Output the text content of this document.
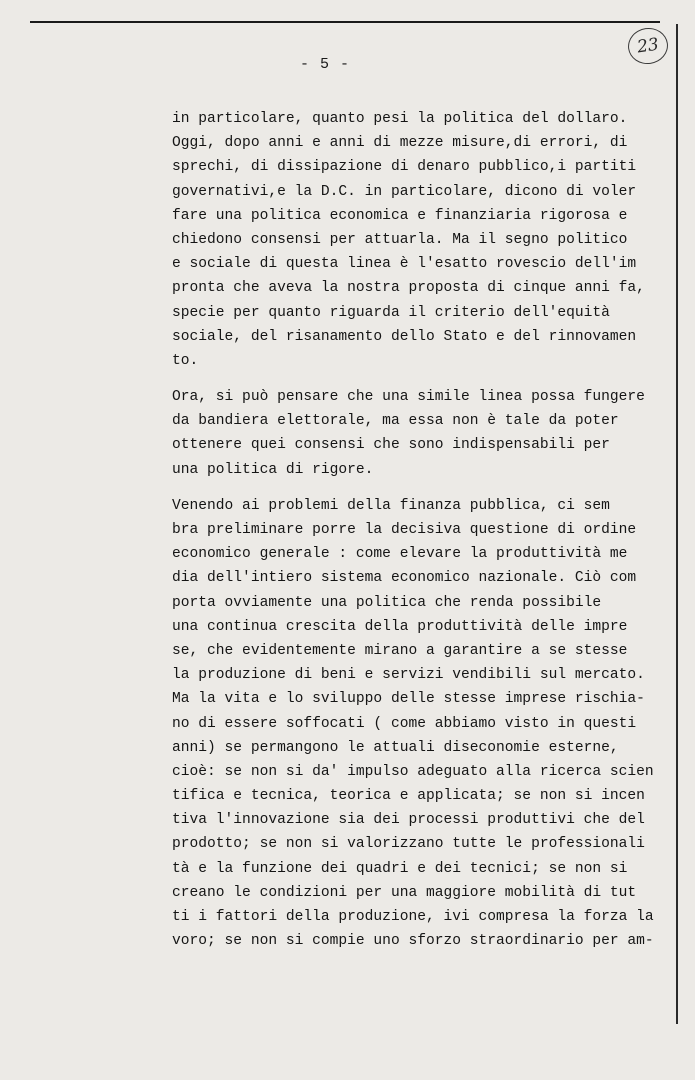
23
- 5 -
in particolare, quanto pesi la politica del dollaro.
Oggi, dopo anni e anni di mezze misure,di errori, di
sprechi, di dissipazione di denaro pubblico,i partiti
governativi,e la D.C. in particolare, dicono di voler
fare una politica economica e finanziaria rigorosa e
chiedono consensi per attuarla. Ma il segno politico
e sociale di questa linea è l'esatto rovescio dell'im
pronta che aveva la nostra proposta di cinque anni fa,
specie per quanto riguarda il criterio dell'equità
sociale, del risanamento dello Stato e del rinnovamen
to.
Ora, si può pensare che una simile linea possa fungere
da bandiera elettorale, ma essa non è tale da poter
ottenere quei consensi che sono indispensabili per
una politica di rigore.
Venendo ai problemi della finanza pubblica, ci sem
bra preliminare porre la decisiva questione di ordine
economico generale : come elevare la produttività me
dia dell'intiero sistema economico nazionale. Ciò com
porta ovviamente una politica che renda possibile
una continua crescita della produttività delle impre
se, che evidentemente mirano a garantire a se stesse
la produzione di beni e servizi vendibili sul mercato.
Ma la vita e lo sviluppo delle stesse imprese rischia-
no di essere soffocati ( come abbiamo visto in questi
anni) se permangono le attuali diseconomie esterne,
cioè: se non si da' impulso adeguato alla ricerca scien
tifica e tecnica, teorica e applicata; se non si incen
tiva l'innovazione sia dei processi produttivi che del
prodotto; se non si valorizzano tutte le professionali
tà e la funzione dei quadri e dei tecnici; se non si
creano le condizioni per una maggiore mobilità di tut
ti i fattori della produzione, ivi compresa la forza la
voro; se non si compie uno sforzo straordinario per am-
